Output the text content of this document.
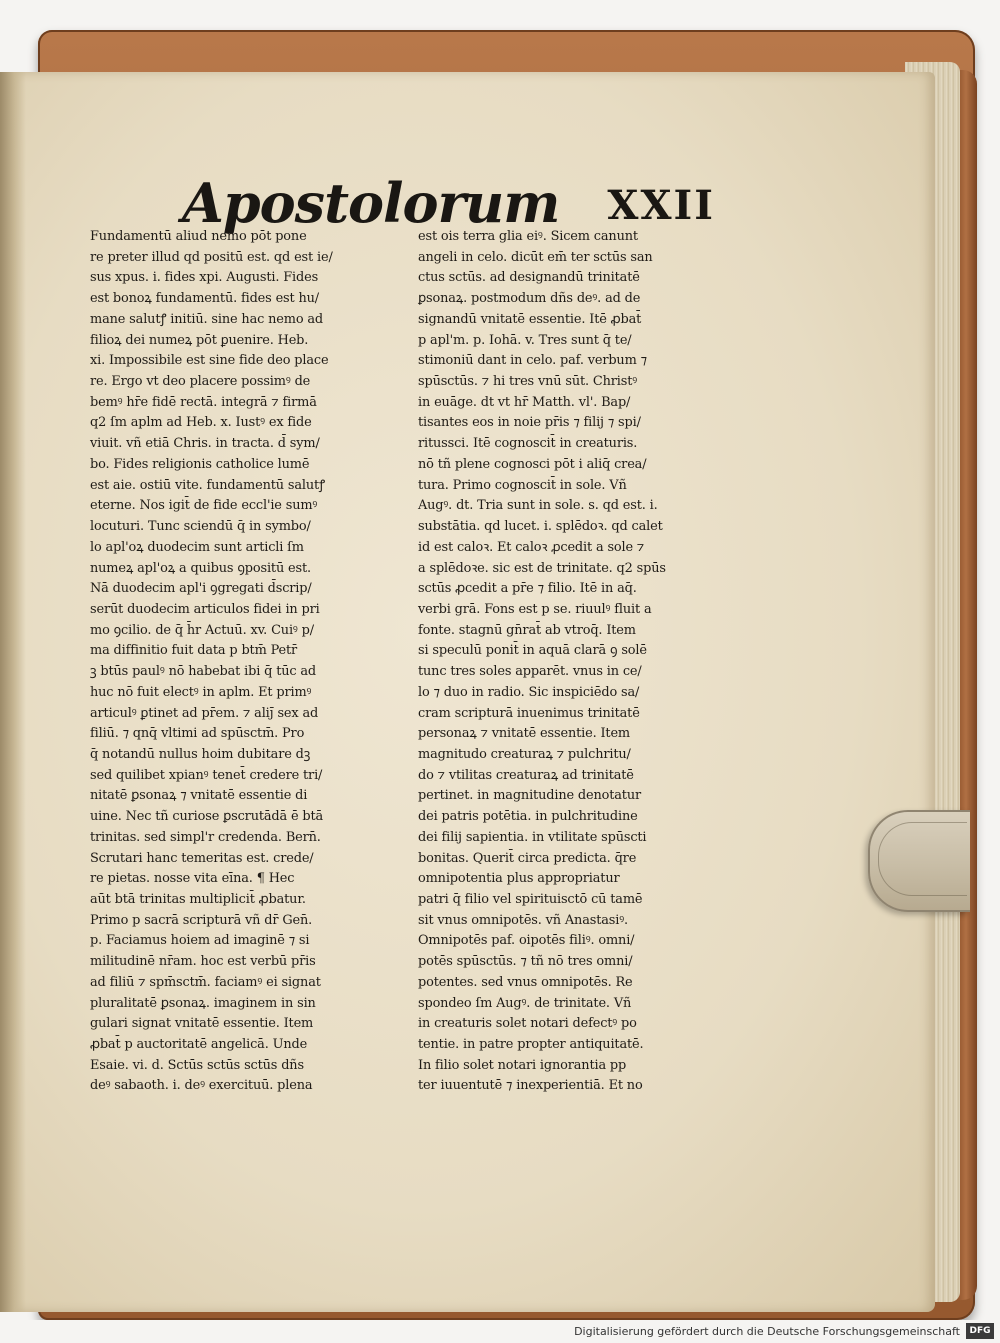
Apostolorum XXII
Fundamentū aliud nemo pōt pone
re preter illud qd positū est. qd est ie/
sus xpus. i. fides xpi. Augusti. Fides
est bonoꝝ fundamentū. fides est hu/
mane salutꝭ initiū. sine hac nemo ad
filioꝝ dei numeꝝ pōt ꝑuenire. Heb.
xi. Impossibile est sine fide deo place
re. Ergo vt deo placere possimꝰ de
bemꝰ hr̄e fidē rectā. integrā ⁊ firmā
q2 ſm aplm ad Heb. x. Iustꝰ ex fide
viuit. vñ etiā Chris. in tracta. d̄ sym/
bo. Fides religionis catholice lumē
est aie. ostiū vite. fundamentū salutꝭ
eterne. Nos igit̄ de fide eccl'ie sumꝰ
locuturi. Tunc sciendū q̄ in symbo/
lo apl'oꝝ duodecim sunt articli ſm
numeꝝ apl'oꝝ a quibus ꝯpositū est.
Nā duodecim apl'i ꝯgregati d̄scrip/
serūt duodecim articulos fidei in pri
mo ꝯcilio. de q̄ h̄r Actuū. xv. Cuiꝰ p/
ma diffinitio fuit data p btm̄ Petr̄
ꝫ btūs paulꝰ nō habebat ibi q̄ tūc ad
huc nō fuit electꝰ in aplm. Et primꝰ
articulꝰ ꝑtinet ad pr̄em. ⁊ aliȷ̄ sex ad
filiū. ⁊ qnq̄ vltimi ad spūsctm̄. Pro
q̄ notandū nullus hoim dubitare dꝫ
sed quilibet xpianꝰ tenet̄ credere tri/
nitatē ꝑsonaꝝ ⁊ vnitatē essentie di
uine. Nec tñ curiose ꝑscrutādā ē btā
trinitas. sed simpl'r credenda. Bern̄.
Scrutari hanc temeritas est. crede/
re pietas. nosse vita eīna. ¶ Hec
aūt btā trinitas multiplicit̄ ꝓbatur.
Primo p sacrā scripturā vñ dr̄ Gen̄.
p. Faciamus hoiem ad imaginē ⁊ si
militudinē nr̄am. hoc est verbū pr̄is
ad filiū ⁊ spm̄sctm̄. faciamꝰ ei signat
pluralitatē ꝑsonaꝝ. imaginem in sin
gulari signat vnitatē essentie. Item
ꝓbat̄ p auctoritatē angelicā. Unde
Esaie. vi. d. Sctūs sctūs sctūs dñs
deꝰ sabaoth. i. deꝰ exercituū. plena
est ois terra glia eiꝰ. Sicem canunt
angeli in celo. dicūt em̄ ter sctūs san
ctus sctūs. ad designandū trinitatē
ꝑsonaꝝ. postmodum dñs deꝰ. ad de
signandū vnitatē essentie. Itē ꝓbat̄
p apl'm. p. Iohā. v. Tres sunt q̄ te/
stimoniū dant in celo. paf. verbum ⁊
spūsctūs. ⁊ hi tres vnū sūt. Christꝰ
in euāge. dt vt hr̄ Matth. vl'. Bap/
tisantes eos in noie pr̄is ⁊ filij ⁊ spi/
ritussci. Itē cognoscit̄ in creaturis.
nō tñ plene cognosci pōt i aliq̄ crea/
tura. Primo cognoscit̄ in sole. Vñ
Augꝰ. dt. Tria sunt in sole. s. qd est. i.
substātia. qd lucet. i. splēdoꝛ. qd calet
id est caloꝛ. Et caloꝛ ꝓcedit a sole ⁊
a splēdoꝛe. sic est de trinitate. q2 spūs
sctūs ꝓcedit a pr̄e ⁊ filio. Itē in aq̄.
verbi grā. Fons est p se. riuulꝰ fluit a
fonte. stagnū gn̄rat̄ ab vtroq̄. Item
si speculū ponit̄ in aquā clarā ꝯ solē
tunc tres soles apparēt. vnus in ce/
lo ⁊ duo in radio. Sic inspiciēdo sa/
cram scripturā inuenimus trinitatē
personaꝝ ⁊ vnitatē essentie. Item
magnitudo creaturaꝝ ⁊ pulchritu/
do ⁊ vtilitas creaturaꝝ ad trinitatē
pertinet. in magnitudine denotatur
dei patris potētia. in pulchritudine
dei filij sapientia. in vtilitate spūscti
bonitas. Querit̄ circa predicta. q̄re
omnipotentia plus appropriatur
patri q̄ filio vel spirituisctō cū tamē
sit vnus omnipotēs. vñ Anastasiꝰ.
Omnipotēs paf. oipotēs filiꝰ. omni/
potēs spūsctūs. ⁊ tñ nō tres omni/
potentes. sed vnus omnipotēs. Re
spondeo ſm Augꝰ. de trinitate. Vñ
in creaturis solet notari defectꝰ po
tentie. in patre propter antiquitatē.
In filio solet notari ignorantia pp
ter iuuentutē ⁊ inexperientiā. Et no
Digitalisierung gefördert durch die Deutsche Forschungsgemeinschaft	DFG
